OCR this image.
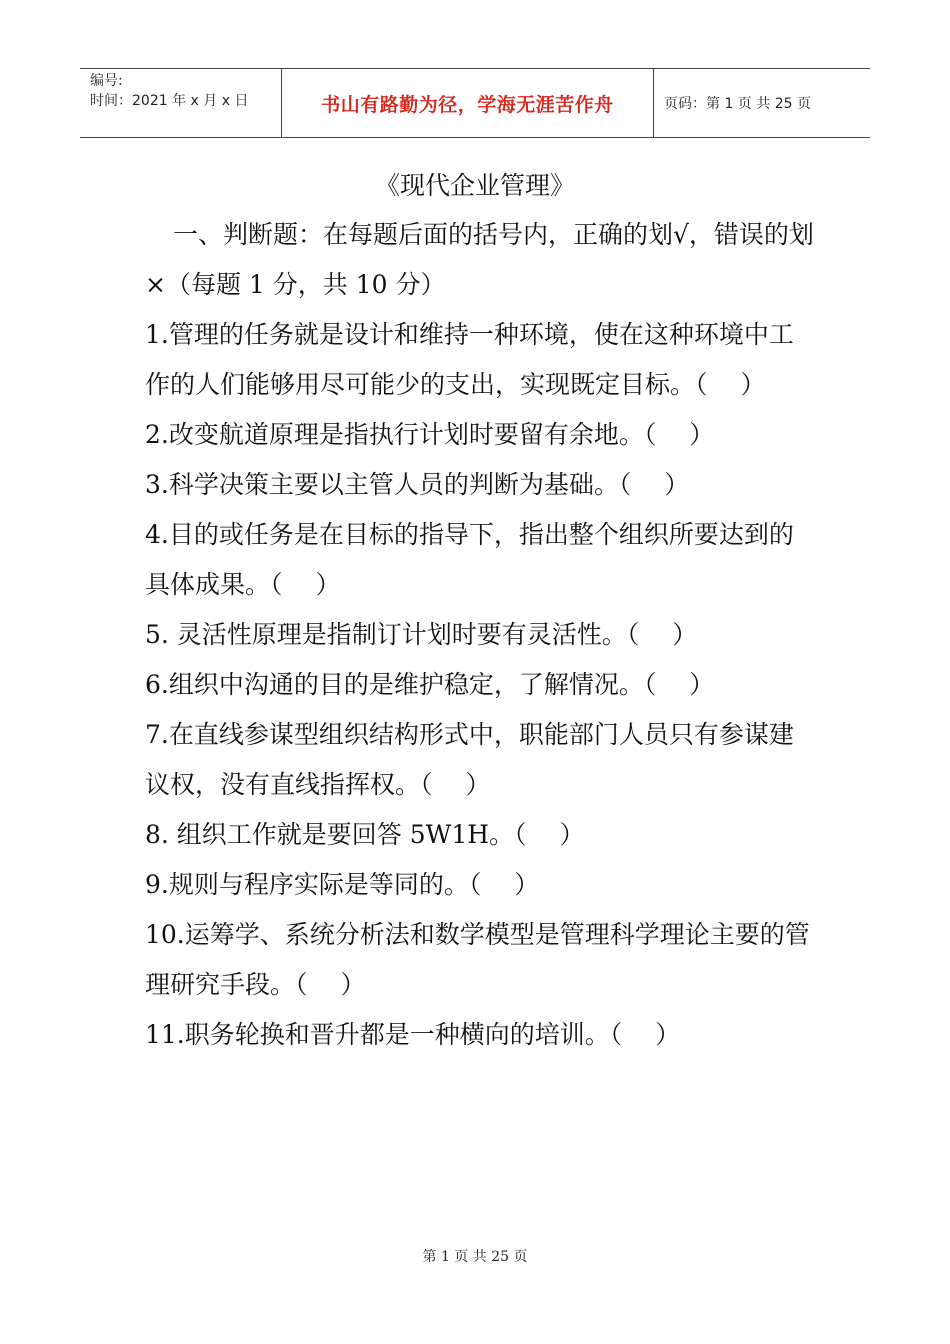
编号:
时间：2021 年 x 月 x 日	书山有路勤为径，学海无涯苦作舟	页码：第 1 页 共 25 页
《现代企业管理》

一、判断题：在每题后面的括号内，正确的划√，错误的划×（每题 1 分，共 10 分）

1.管理的任务就是设计和维持一种环境，使在这种环境中工作的人们能够用尽可能少的支出，实现既定目标。（　 ）

2.改变航道原理是指执行计划时要留有余地。（　 ）

3.科学决策主要以主管人员的判断为基础。（　 ）

4.目的或任务是在目标的指导下，指出整个组织所要达到的具体成果。（　 ）

5. 灵活性原理是指制订计划时要有灵活性。（　 ）

6.组织中沟通的目的是维护稳定，了解情况。（　 ）

7.在直线参谋型组织结构形式中，职能部门人员只有参谋建议权，没有直线指挥权。（　 ）

8. 组织工作就是要回答 5W1H。（　 ）

9.规则与程序实际是等同的。（　 ）

10.运筹学、系统分析法和数学模型是管理科学理论主要的管理研究手段。（　 ）

11.职务轮换和晋升都是一种横向的培训。（　 ）

第 1 页 共 25 页
